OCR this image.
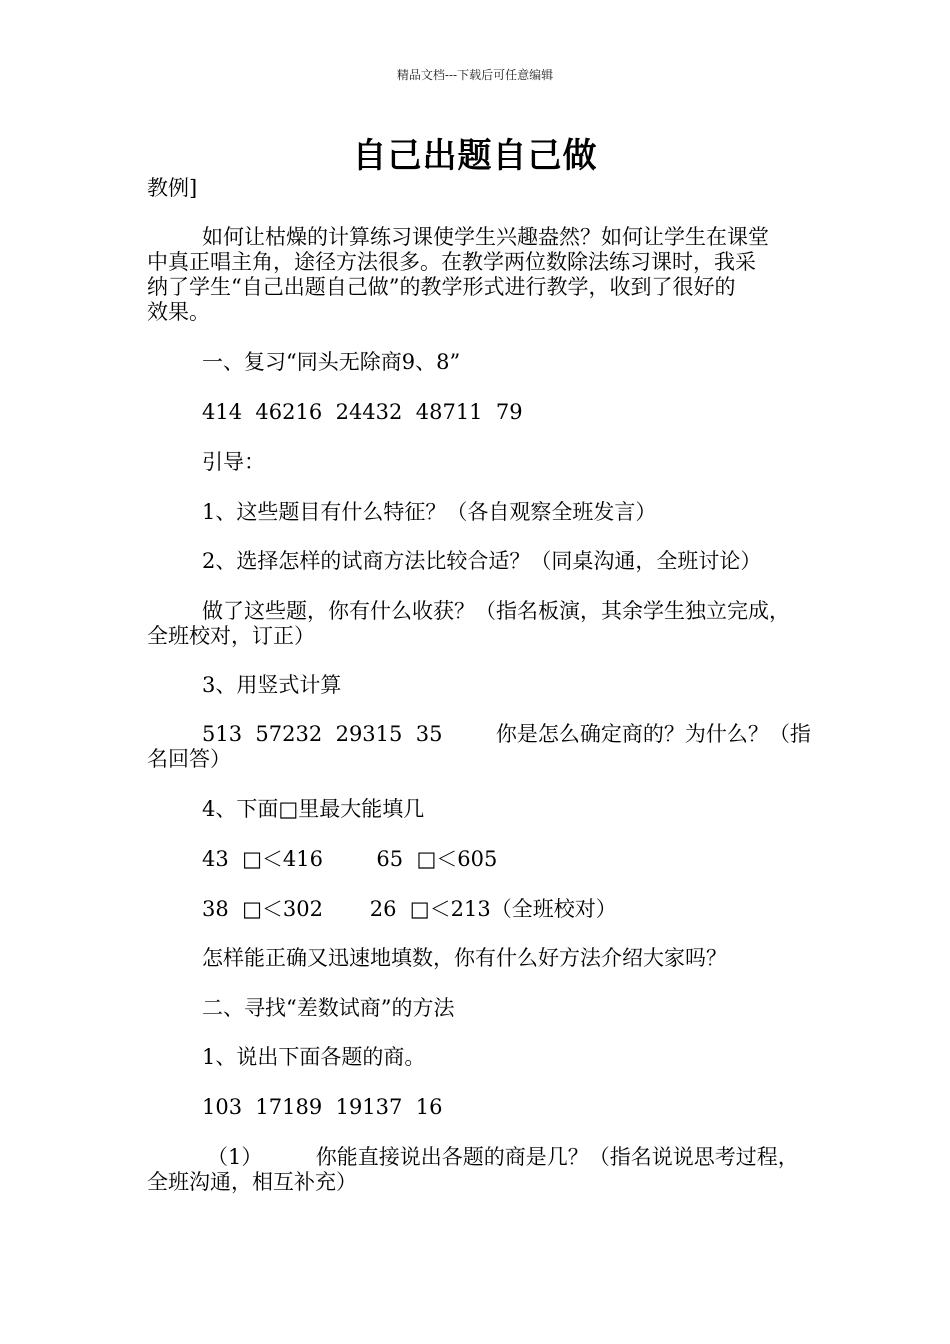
精品文档---下载后可任意编辑
自己出题自己做
教例]
如何让枯燥的计算练习课使学生兴趣盎然？如何让学生在课堂
中真正唱主角，途径方法很多。在教学两位数除法练习课时，我采
纳了学生“自己出题自己做”的教学形式进行教学，收到了很好的
效果。
一、复习“同头无除商9、8”
414  46216  24432  48711  79
引导：
1、这些题目有什么特征？（各自观察全班发言）
2、选择怎样的试商方法比较合适？（同桌沟通，全班讨论）
做了这些题，你有什么收获？（指名板演，其余学生独立完成，
全班校对，订正）
3、用竖式计算
513  57232  29315  35        你是怎么确定商的？为什么？（指
名回答）
4、下面□里最大能填几
43  □＜416        65  □＜605
38  □＜302       26  □＜213（全班校对）
怎样能正确又迅速地填数，你有什么好方法介绍大家吗？
二、寻找“差数试商”的方法
1、说出下面各题的商。
103  17189  19137  16
（1）        你能直接说出各题的商是几？（指名说说思考过程，
全班沟通，相互补充）
